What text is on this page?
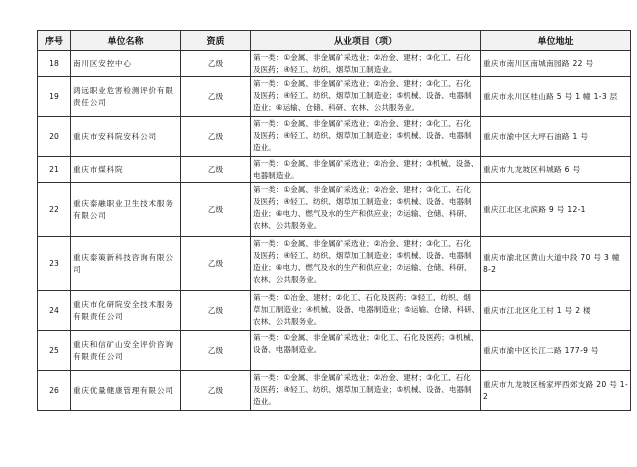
序号	单位名称	资质	从业项目（项）	单位地址
18	南川区安控中心	乙级	第一类：①金属、非金属矿采选业；②冶金、建材；③化工、石化
及医药；④轻工、纺织、烟草加工制造业。	重庆市南川区南城南园路 22 号
19	鸿远职业危害检测评价有限责任公司	乙级	第一类：①金属、非金属矿采选业；②冶金、建材；③化工、石化
及医药；④轻工、纺织、烟草加工制造业；⑤机械、设备、电器制
造业；⑥运输、仓储、科研、农林、公共服务业。	重庆市永川区桂山路 5 号 1 幢 1-3 层
20	重庆市安科院安科公司	乙级	第一类：①金属、非金属矿采选业；②冶金、建材；③化工、石化
及医药；④轻工、纺织、烟草加工制造业；⑤机械、设备、电器制
造业。	重庆市渝中区大坪石油路 1 号
21	重庆市煤科院	乙级	第一类：①金属、非金属矿采选业；②冶金、建材；③机械、设备、
电器制造业。	重庆市九龙坡区科城路 6 号
22	重庆泰融职业卫生技术服务有限公司	乙级	第一类：①金属、非金属矿采选业；②冶金、建材；③化工、石化
及医药；④轻工、纺织、烟草加工制造业；⑤机械、设备、电器制
造业；⑥电力、燃气及水的生产和供应业；⑦运输、仓储、科研、
农林、公共服务业。	重庆江北区北滨路 9 号 12-1
23	重庆泰策新科技咨询有限公司	乙级	第一类：①金属、非金属矿采选业；②冶金、建材；③化工、石化
及医药；④轻工、纺织、烟草加工制造业；⑤机械、设备、电器制
造业；⑥电力、燃气及水的生产和供应业；⑦运输、仓储、科研、
农林、公共服务业。	重庆市渝北区黄山大道中段 70 号 3 幢 8-2
24	重庆市化研院安全技术服务有限责任公司	乙级	第一类：①冶金、建材；②化工、石化及医药；③轻工、纺织、烟
草加工制造业；④机械、设备、电器制造业；⑤运输、仓储、科研、
农林、公共服务业。	重庆市江北区化工村 1 号 2 楼
25	重庆和信矿山安全评价咨询有限责任公司	乙级	第一类：①金属、非金属矿采选业；②化工、石化及医药；③机械、
设备、电器制造业。	重庆市渝中区长江二路 177-9 号
26	重庆优量健康管理有限公司	乙级	第一类：①金属、非金属矿采选业；②冶金、建材；③化工、石化
及医药；④轻工、纺织、烟草加工制造业；⑤机械、设备、电器制
造业。	重庆市九龙坡区杨家坪西郊支路 20 号 1-2
